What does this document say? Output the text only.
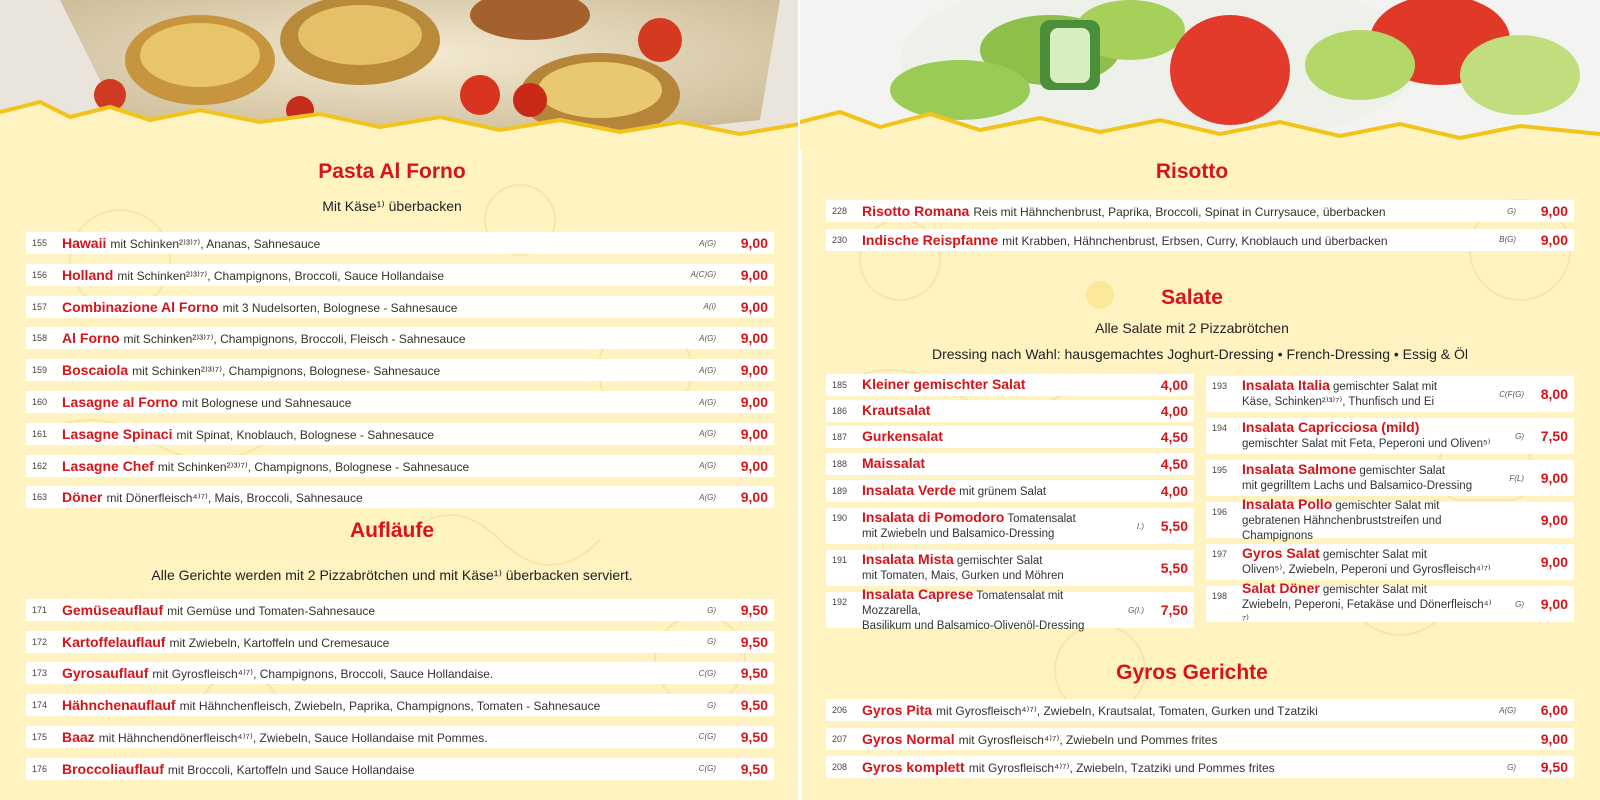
Pasta Al Forno
Mit Käse¹⁾ überbacken
155	Hawaii mit Schinken²⁾³⁾⁷⁾, Ananas, Sahnesauce	A(G)	9,00
156	Holland mit Schinken²⁾³⁾⁷⁾, Champignons, Broccoli, Sauce Hollandaise	A(C)G)	9,00
157	Combinazione Al Forno mit 3 Nudelsorten, Bolognese - Sahnesauce	A(i)	9,00
158	Al Forno mit Schinken²⁾³⁾⁷⁾, Champignons, Broccoli, Fleisch - Sahnesauce	A(G)	9,00
159	Boscaiola mit Schinken²⁾³⁾⁷⁾, Champignons, Bolognese- Sahnesauce	A(G)	9,00
160	Lasagne al Forno mit Bolognese und Sahnesauce	A(G)	9,00
161	Lasagne Spinaci mit Spinat, Knoblauch, Bolognese - Sahnesauce	A(G)	9,00
162	Lasagne Chef mit Schinken²⁾³⁾⁷⁾, Champignons, Bolognese - Sahnesauce	A(G)	9,00
163	Döner mit Dönerfleisch⁴⁾⁷⁾, Mais, Broccoli, Sahnesauce	A(G)	9,00
Aufläufe
Alle Gerichte werden mit 2 Pizzabrötchen und mit Käse¹⁾ überbacken serviert.
171	Gemüseauflauf mit Gemüse und Tomaten-Sahnesauce	G)	9,50
172	Kartoffelauflauf mit Zwiebeln, Kartoffeln und Cremesauce	G)	9,50
173	Gyrosauflauf mit Gyrosfleisch⁴⁾⁷⁾, Champignons, Broccoli, Sauce Hollandaise.	C(G)	9,50
174	Hähnchenauflauf mit Hähnchenfleisch, Zwiebeln, Paprika, Champignons, Tomaten - Sahnesauce	G)	9,50
175	Baaz mit Hähnchendönerfleisch⁴⁾⁷⁾, Zwiebeln, Sauce Hollandaise mit Pommes.	C(G)	9,50
176	Broccoliauflauf mit Broccoli, Kartoffeln und Sauce Hollandaise	C(G)	9,50
Risotto
228	Risotto Romana Reis mit Hähnchenbrust, Paprika, Broccoli, Spinat in Currysauce, überbacken	G)	9,00
230	Indische Reispfanne mit Krabben, Hähnchenbrust, Erbsen, Curry, Knoblauch und überbacken	B(G)	9,00
Salate
Alle Salate mit 2 Pizzabrötchen
Dressing nach Wahl: hausgemachtes Joghurt-Dressing • French-Dressing • Essig & Öl
185	Kleiner gemischter Salat	4,00
186	Krautsalat	4,00
187	Gurkensalat	4,50
188	Maissalat	4,50
189	Insalata Verde mit grünem Salat	4,00
190	Insalata di Pomodoro Tomatensalat
mit Zwiebeln und Balsamico-Dressing
I.)	5,50
191	Insalata Mista gemischter Salat
mit Tomaten, Mais, Gurken und Möhren	5,50
192
Insalata Caprese Tomatensalat mit Mozzarella,
Basilikum und Balsamico-Olivenöl-Dressing
G(I.)	7,50
193	Insalata Italia gemischter Salat mit
Käse, Schinken²⁾³⁾⁷⁾, Thunfisch und Ei
C(F(G)	8,00
194	Insalata Capricciosa (mild)
gemischter Salat mit Feta, Peperoni und Oliven⁵⁾
G)	7,50
195	Insalata Salmone gemischter Salat
mit gegrilltem Lachs und Balsamico-Dressing
F(L)	9,00
196
Insalata Pollo gemischter Salat mit
gebratenen Hähnchenbruststreifen und Champignons
9,00
197	Gyros Salat gemischter Salat mit
Oliven⁵⁾, Zwiebeln, Peperoni und Gyrosfleisch⁴⁾⁷⁾	9,00
198
Salat Döner gemischter Salat mit
Zwiebeln, Peperoni, Fetakäse und Dönerfleisch⁴⁾⁷⁾
G)	9,00
Gyros Gerichte
206	Gyros Pita mit Gyrosfleisch⁴⁾⁷⁾, Zwiebeln, Krautsalat, Tomaten, Gurken und Tzatziki	A(G)	6,00
207	Gyros Normal mit Gyrosfleisch⁴⁾⁷⁾, Zwiebeln und Pommes frites	9,00
208	Gyros komplett mit Gyrosfleisch⁴⁾⁷⁾, Zwiebeln, Tzatziki und Pommes frites	G)	9,50
